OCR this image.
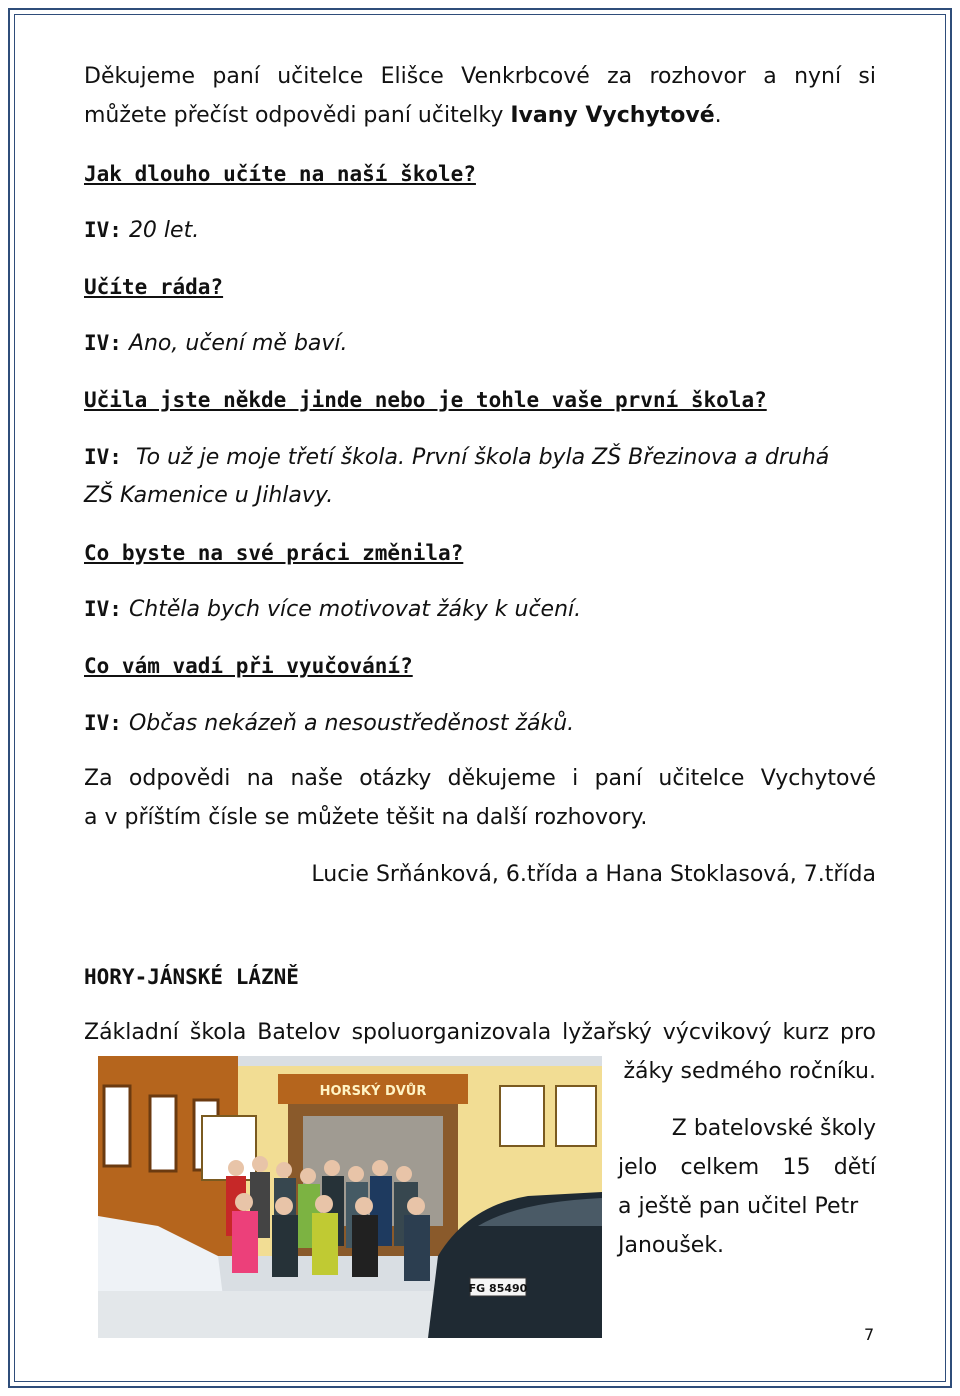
Děkujeme paní učitelce Elišce Venkrbcové za rozhovor a nyní si
můžete přečíst odpovědi paní učitelky Ivany Vychytové.
Jak dlouho učíte na naší škole?
IV: 20 let.
Učíte ráda?
IV: Ano, učení mě baví.
Učila jste někde jinde nebo je tohle vaše první škola?
IV: To už je moje třetí škola. První škola byla ZŠ Březinova a druhá
ZŠ Kamenice u Jihlavy.
Co byste na své práci změnila?
IV: Chtěla bych více motivovat žáky k učení.
Co vám vadí při vyučování?
IV: Občas nekázeň a nesoustředěnost žáků.
Za odpovědi na naše otázky děkujeme i paní učitelce Vychytové
a v příštím čísle se můžete těšit na další rozhovory.
Lucie Srňánková, 6.třída a Hana Stoklasová, 7.třída
HORY-JÁNSKÉ LÁZNĚ
Základní škola Batelov spoluorganizovala lyžařský výcvikový kurz pro
žáky sedmého ročníku.
Z batelovské školy
jelo celkem 15 dětí
a ještě pan učitel Petr
Janoušek.
HORSKÝ DVŮR
FG 85490
7
